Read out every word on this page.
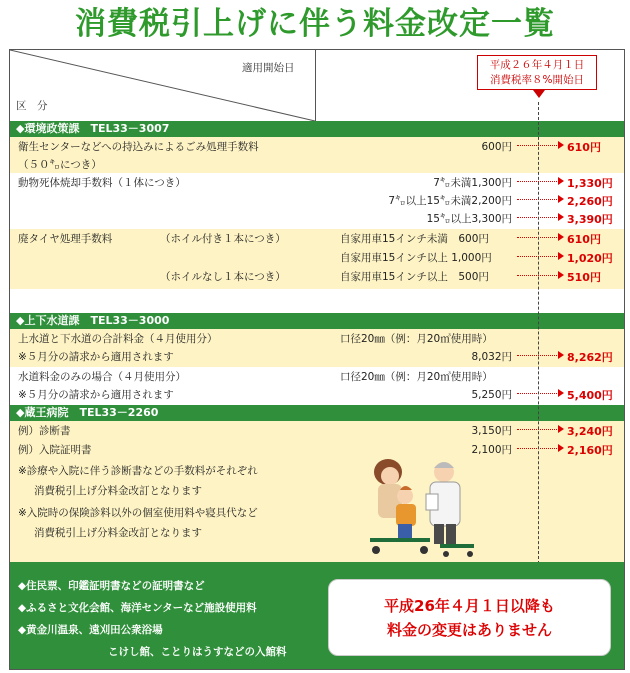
消費税引上げに伴う料金改定一覧
適用開始日
区　分
平成２６年４月１日
消費税率８%開始日
◆環境政策課　TEL33－3007
衛生センターなどへの持込みによるごみ処理手数料
（５０㌔につき）
600円	610円
動物死体焼却手数料（１体につき）	7㌔未満1,300円	1,330円
7㌔以上15㌔未満2,200円	2,260円
15㌔以上3,300円	3,390円
廃タイヤ処理手数料	（ホイル付き１本につき）	自家用車15インチ未満　600円	610円
自家用車15インチ以上 1,000円	1,020円
（ホイルなし１本につき）	自家用車15インチ以上　500円	510円
◆上下水道課　TEL33－3000
上水道と下水道の合計料金（４月使用分）	口径20㎜（例：月20㎥使用時）
※５月分の請求から適用されます	8,032円	8,262円
水道料金のみの場合（４月使用分）	口径20㎜（例：月20㎥使用時）
※５月分の請求から適用されます	5,250円	5,400円
◆蔵王病院　TEL33－2260
例）診断書	3,150円	3,240円
例）入院証明書	2,100円	2,160円
※診療や入院に伴う診断書などの手数料がそれぞれ
消費税引上げ分料金改訂となります
※入院時の保険診料以外の個室使用料や寝具代など
消費税引上げ分料金改訂となります
◆住民票、印鑑証明書などの証明書など
◆ふるさと文化会館、海洋センターなど施設使用料
◆黄金川温泉、遠刈田公衆浴場
こけし館、ことりはうすなどの入館料
平成26年４月１日以降も
料金の変更はありません
